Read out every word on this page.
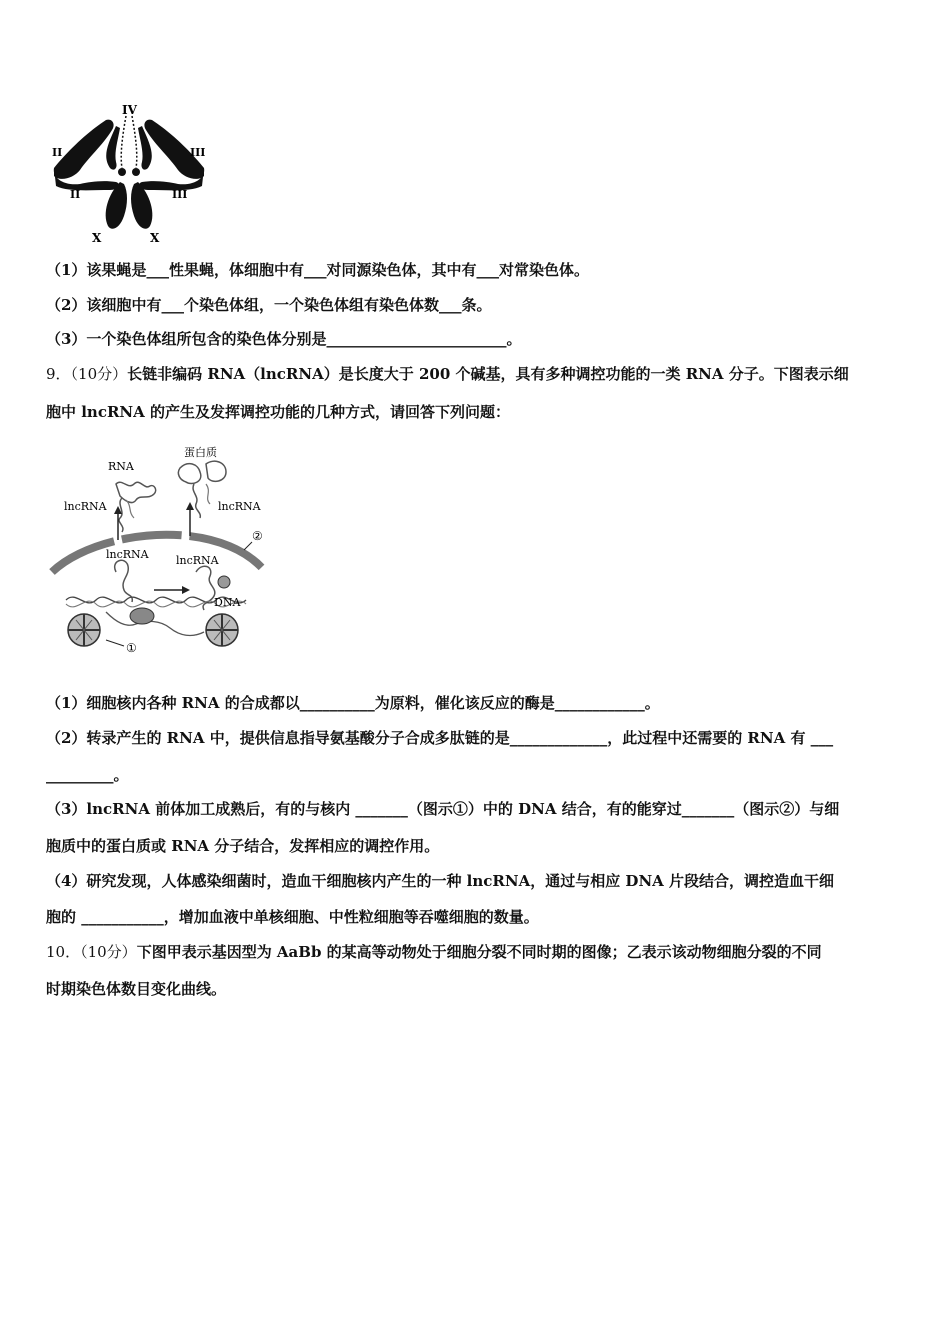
IV
II
II
III
III
X	X
（1）该果蝇是___性果蝇，体细胞中有___对同源染色体，其中有___对常染色体。
（2）该细胞中有___个染色体组，一个染色体组有染色体数___条。
（3）一个染色体组所包含的染色体分别是________________________。
9．（10分）长链非编码 RNA（lncRNA）是长度大于 200 个碱基，具有多种调控功能的一类 RNA 分子。下图表示细
胞中 lncRNA 的产生及发挥调控功能的几种方式，请回答下列问题：
RNA
蛋白质
lncRNA	lncRNA
lncRNA lncRNA
DNA
①
②
（1）细胞核内各种 RNA 的合成都以__________为原料，催化该反应的酶是____________。
（2）转录产生的 RNA 中，提供信息指导氨基酸分子合成多肽链的是_____________，此过程中还需要的 RNA 有 ___
_________。
（3）lncRNA 前体加工成熟后，有的与核内 _______（图示①）中的 DNA 结合，有的能穿过_______（图示②）与细
胞质中的蛋白质或 RNA 分子结合，发挥相应的调控作用。
（4）研究发现，人体感染细菌时，造血干细胞核内产生的一种 lncRNA，通过与相应 DNA 片段结合，调控造血干细
胞的 ___________，增加血液中单核细胞、中性粒细胞等吞噬细胞的数量。
10．（10分）下图甲表示基因型为 AaBb 的某高等动物处于细胞分裂不同时期的图像；乙表示该动物细胞分裂的不同
时期染色体数目变化曲线。
